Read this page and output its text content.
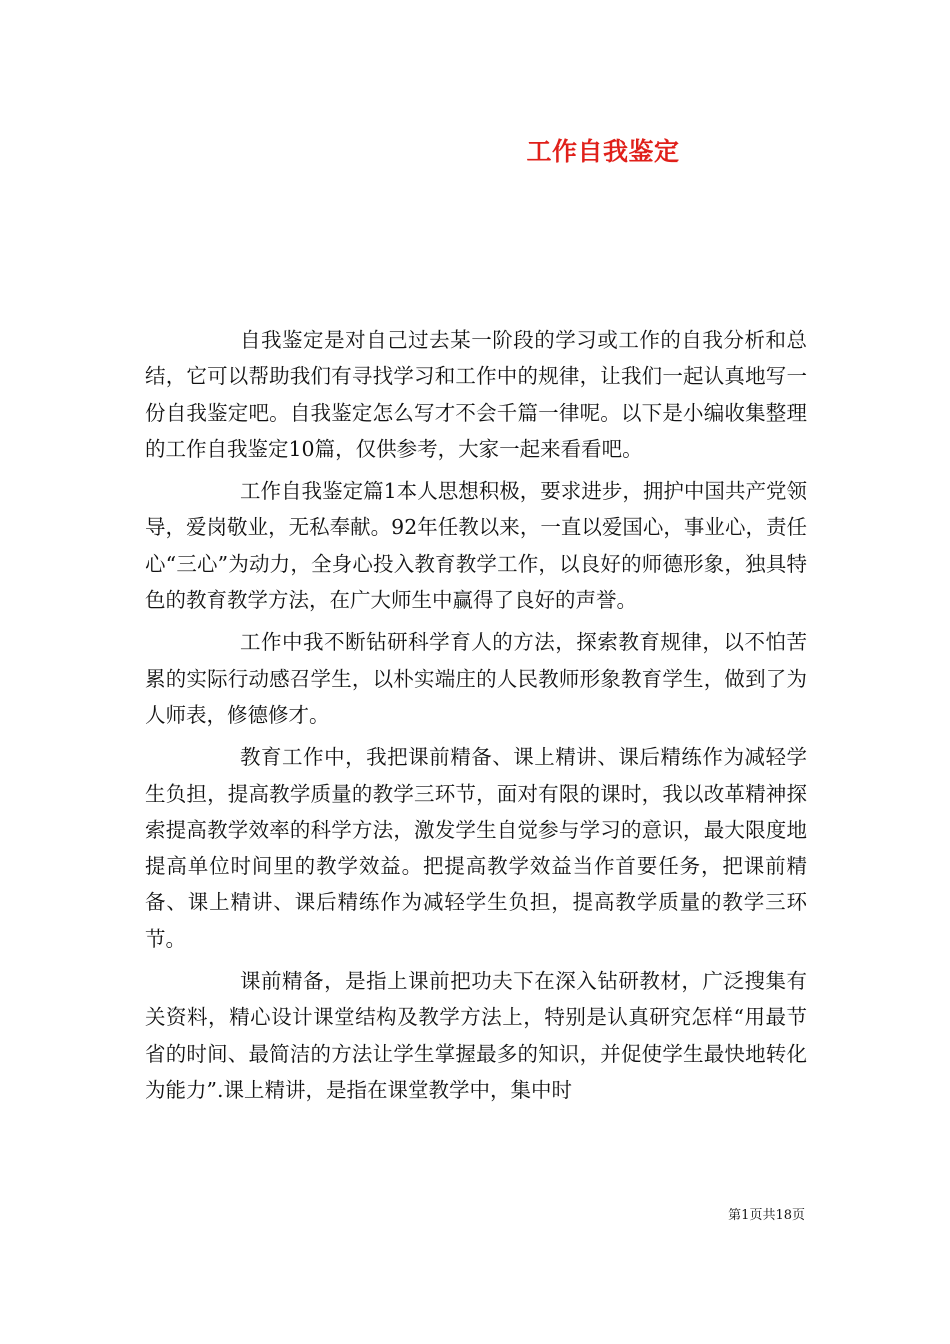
工作自我鉴定

自我鉴定是对自己过去某一阶段的学习或工作的自我分析和总结，它可以帮助我们有寻找学习和工作中的规律，让我们一起认真地写一份自我鉴定吧。自我鉴定怎么写才不会千篇一律呢。以下是小编收集整理的工作自我鉴定10篇，仅供参考，大家一起来看看吧。

工作自我鉴定篇1本人思想积极，要求进步，拥护中国共产党领导，爱岗敬业，无私奉献。92年任教以来，一直以爱国心，事业心，责任心“三心”为动力，全身心投入教育教学工作，以良好的师德形象，独具特色的教育教学方法，在广大师生中赢得了良好的声誉。

工作中我不断钻研科学育人的方法，探索教育规律，以不怕苦累的实际行动感召学生，以朴实端庄的人民教师形象教育学生，做到了为人师表，修德修才。

教育工作中，我把课前精备、课上精讲、课后精练作为减轻学生负担，提高教学质量的教学三环节，面对有限的课时，我以改革精神探索提高教学效率的科学方法，激发学生自觉参与学习的意识，最大限度地提高单位时间里的教学效益。把提高教学效益当作首要任务，把课前精备、课上精讲、课后精练作为减轻学生负担，提高教学质量的教学三环节。

课前精备，是指上课前把功夫下在深入钻研教材，广泛搜集有关资料，精心设计课堂结构及教学方法上，特别是认真研究怎样“用最节省的时间、最简洁的方法让学生掌握最多的知识，并促使学生最快地转化为能力”.课上精讲，是指在课堂教学中，集中时

第1页共18页
